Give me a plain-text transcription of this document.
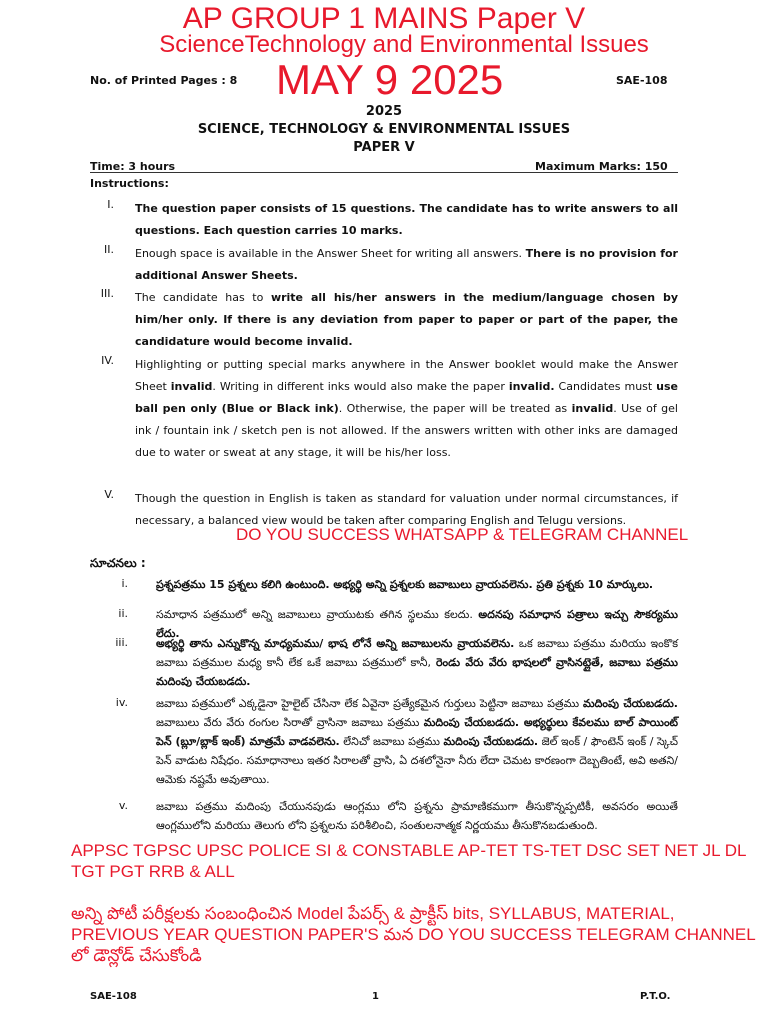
AP GROUP 1 MAINS Paper V
ScienceTechnology and Environmental Issues
MAY 9 2025
No. of Printed Pages : 8	SAE-108
2025
SCIENCE, TECHNOLOGY & ENVIRONMENTAL ISSUES
PAPER V
Time: 3 hours	Maximum Marks: 150
Instructions:
I. The question paper consists of 15 questions. The candidate has to write answers to all questions. Each question carries 10 marks.
II. Enough space is available in the Answer Sheet for writing all answers. There is no provision for additional Answer Sheets.
III. The candidate has to write all his/her answers in the medium/language chosen by him/her only. If there is any deviation from paper to paper or part of the paper, the candidature would become invalid.
IV. Highlighting or putting special marks anywhere in the Answer booklet would make the Answer Sheet invalid. Writing in different inks would also make the paper invalid. Candidates must use ball pen only (Blue or Black ink). Otherwise, the paper will be treated as invalid. Use of gel ink / fountain ink / sketch pen is not allowed. If the answers written with other inks are damaged due to water or sweat at any stage, it will be his/her loss.
V. Though the question in English is taken as standard for valuation under normal circumstances, if necessary, a balanced view would be taken after comparing English and Telugu versions.
DO YOU SUCCESS WHATSAPP & TELEGRAM CHANNEL
సూచనలు :
i.	ప్రశ్నపత్రము 15 ప్రశ్నలు కలిగి ఉంటుంది. అభ్యర్థి అన్ని ప్రశ్నలకు జవాబులు వ్రాయవలెను. ప్రతి ప్రశ్నకు 10 మార్కులు.
ii.	సమాధాన పత్రములో అన్ని జవాబులు వ్రాయుటకు తగిన స్థలము కలదు. అదనపు సమాధాన పత్రాలు ఇచ్చు సౌకర్యము లేదు.
iii.	అభ్యర్థి తాను ఎన్నుకొన్న మాధ్యమము/ భాష లోనే అన్ని జవాబులను వ్రాయవలెను. ఒక జవాబు పత్రము మరియు ఇంకొక జవాబు పత్రముల మధ్య కానీ లేక ఒకే జవాబు పత్రములో కానీ, రెండు వేరు వేరు భాషలలో వ్రాసినట్లైతే, జవాబు పత్రము మదింపు చేయబడదు.
iv.	జవాబు పత్రములో ఎక్కడైనా హైలైట్ చేసినా లేక ఏవైనా ప్రత్యేకమైన గుర్తులు పెట్టినా జవాబు పత్రము మదింపు చేయబడదు. జవాబులు వేరు వేరు రంగుల సిరాతో వ్రాసినా జవాబు పత్రము మదింపు చేయబడదు. అభ్యర్థులు కేవలము బాల్ పాయింట్ పెన్ (బ్లూ/బ్లాక్ ఇంక్) మాత్రమే వాడవలెను. లేనిచో జవాబు పత్రము మదింపు చేయబడదు. జెల్ ఇంక్ / ఫౌంటెన్ ఇంక్ / స్కెచ్ పెన్ వాడుట నిషేధం. సమాధానాలు ఇతర సిరాలతో వ్రాసి, ఏ దశలోనైనా నీరు లేదా చెమట కారణంగా దెబ్బతింటే, అవి అతని/ఆమెకు నష్టమే అవుతాయి.
v.	జవాబు పత్రము మదింపు చేయునపుడు ఆంగ్లము లోని ప్రశ్నను ప్రామాణికముగా తీసుకొన్నప్పటికీ, అవసరం అయితే ఆంగ్లములోని మరియు తెలుగు లోని ప్రశ్నలను పరిశీలించి, సంతులనాత్మక నిర్ణయము తీసుకొనబడుతుంది.
APPSC TGPSC UPSC POLICE SI & CONSTABLE AP-TET TS-TET DSC SET NET JL DL TGT PGT RRB & ALL
అన్ని పోటీ పరీక్షలకు సంబంధించిన Model పేపర్స్ & ప్రాక్టీస్ bits, SYLLABUS, MATERIAL, PREVIOUS YEAR QUESTION PAPER'S మన DO YOU SUCCESS TELEGRAM CHANNEL లో డౌన్లోడ్ చేసుకోండి
SAE-108	1	P.T.O.
